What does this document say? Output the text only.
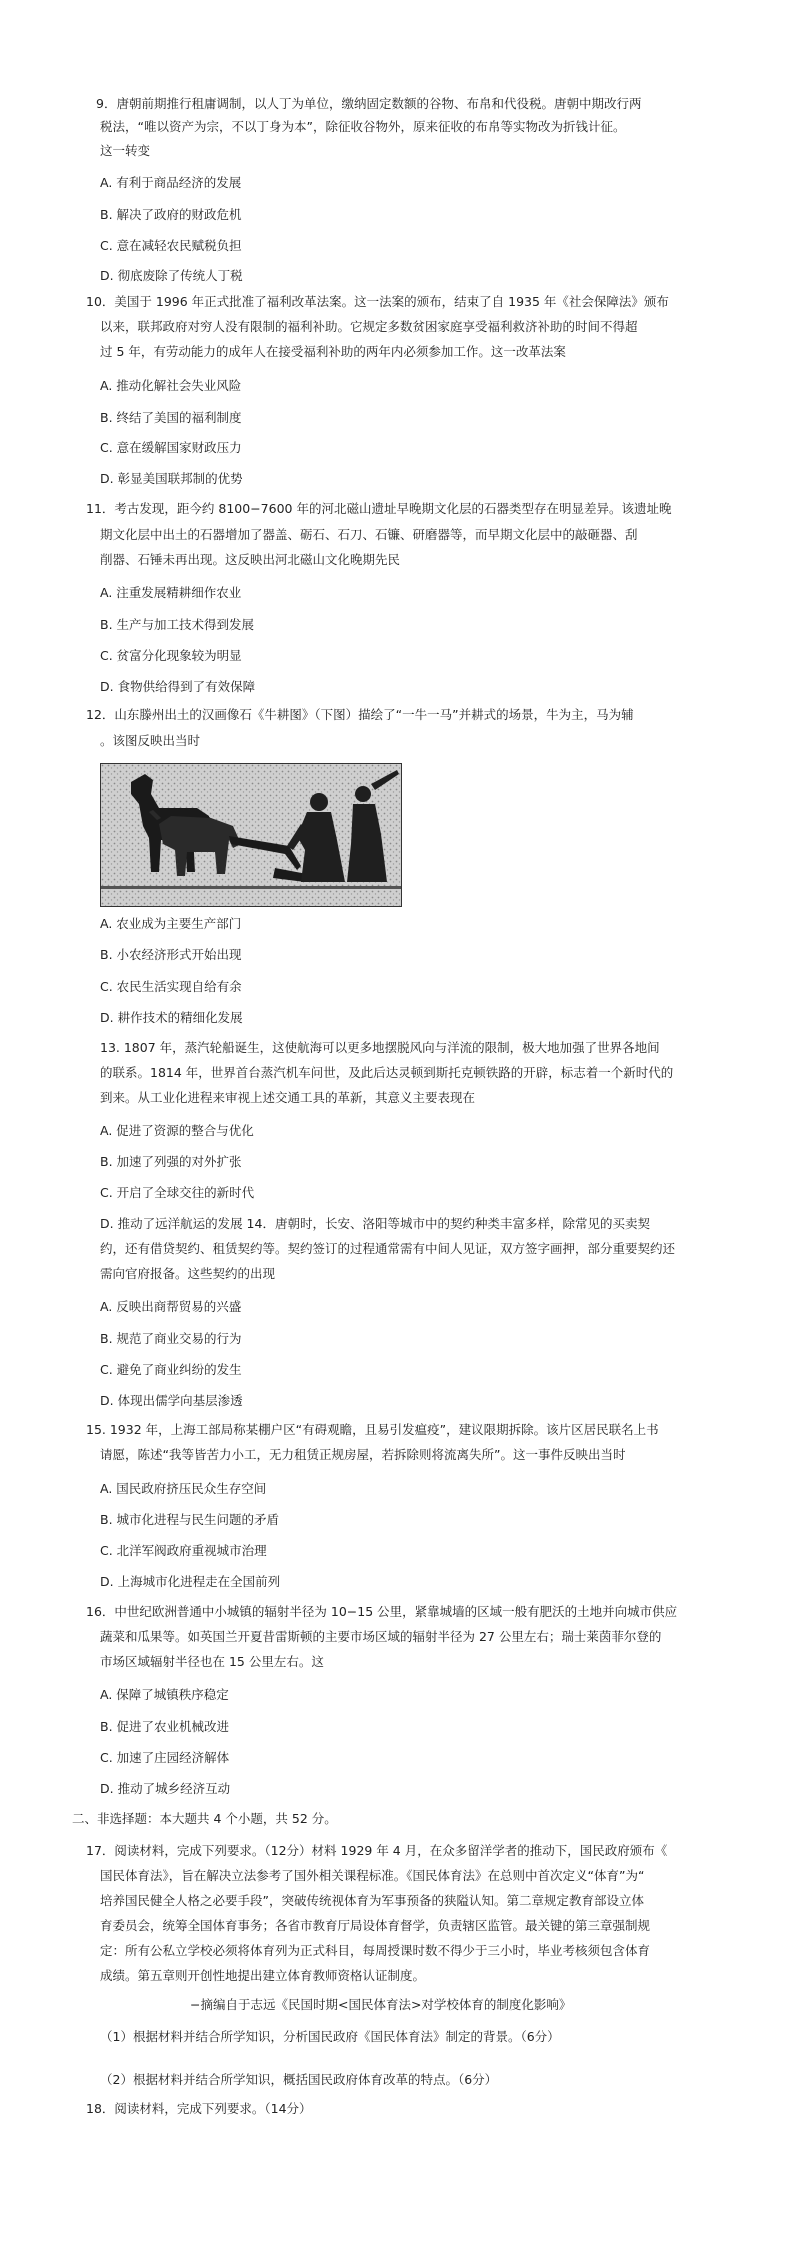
9．唐朝前期推行租庸调制，以人丁为单位，缴纳固定数额的谷物、布帛和代役税。唐朝中期改行两
税法，“唯以资产为宗，不以丁身为本”，除征收谷物外，原来征收的布帛等实物改为折钱计征。
这一转变
A. 有利于商品经济的发展
B. 解决了政府的财政危机
C. 意在减轻农民赋税负担
D. 彻底废除了传统人丁税
10．美国于 1996 年正式批准了福利改革法案。这一法案的颁布，结束了自 1935 年《社会保障法》颁布
以来，联邦政府对穷人没有限制的福利补助。它规定多数贫困家庭享受福利救济补助的时间不得超
过 5 年，有劳动能力的成年人在接受福利补助的两年内必须参加工作。这一改革法案
A. 推动化解社会失业风险
B. 终结了美国的福利制度
C. 意在缓解国家财政压力
D. 彰显美国联邦制的优势
11．考古发现，距今约 8100−7600 年的河北磁山遗址早晚期文化层的石器类型存在明显差异。该遗址晚
期文化层中出土的石器增加了器盖、砺石、石刀、石镰、研磨器等，而早期文化层中的敲砸器、刮
削器、石锤未再出现。这反映出河北磁山文化晚期先民
A. 注重发展精耕细作农业
B. 生产与加工技术得到发展
C. 贫富分化现象较为明显
D. 食物供给得到了有效保障
12．山东滕州出土的汉画像石《牛耕图》（下图）描绘了“一牛一马”并耕式的场景，牛为主，马为辅
。该图反映出当时
A. 农业成为主要生产部门
B. 小农经济形式开始出现
C. 农民生活实现自给有余
D. 耕作技术的精细化发展
13. 1807 年，蒸汽轮船诞生，这使航海可以更多地摆脱风向与洋流的限制，极大地加强了世界各地间
的联系。1814 年，世界首台蒸汽机车问世，及此后达灵顿到斯托克顿铁路的开辟，标志着一个新时代的
到来。从工业化进程来审视上述交通工具的革新，其意义主要表现在
A. 促进了资源的整合与优化
B. 加速了列强的对外扩张
C. 开启了全球交往的新时代
D. 推动了远洋航运的发展 14．唐朝时，长安、洛阳等城市中的契约种类丰富多样，除常见的买卖契
约，还有借贷契约、租赁契约等。契约签订的过程通常需有中间人见证，双方签字画押，部分重要契约还
需向官府报备。这些契约的出现
A. 反映出商帮贸易的兴盛
B. 规范了商业交易的行为
C. 避免了商业纠纷的发生
D. 体现出儒学向基层渗透
15. 1932 年，上海工部局称某棚户区“有碍观瞻，且易引发瘟疫”，建议限期拆除。该片区居民联名上书
请愿，陈述“我等皆苦力小工，无力租赁正规房屋，若拆除则将流离失所”。这一事件反映出当时
A. 国民政府挤压民众生存空间
B. 城市化进程与民生问题的矛盾
C. 北洋军阀政府重视城市治理
D. 上海城市化进程走在全国前列
16．中世纪欧洲普通中小城镇的辐射半径为 10−15 公里，紧靠城墙的区域一般有肥沃的土地并向城市供应
蔬菜和瓜果等。如英国兰开夏昔雷斯顿的主要市场区域的辐射半径为 27 公里左右；瑞士莱茵菲尔登的
市场区域辐射半径也在 15 公里左右。这
A. 保障了城镇秩序稳定
B. 促进了农业机械改进
C. 加速了庄园经济解体
D. 推动了城乡经济互动
二、非选择题：本大题共 4 个小题，共 52 分。
17．阅读材料，完成下列要求。（12分）材料 1929 年 4 月，在众多留洋学者的推动下，国民政府颁布《
国民体育法》，旨在解决立法参考了国外相关课程标准。《国民体育法》在总则中首次定义“体育”为“
培养国民健全人格之必要手段”，突破传统视体育为军事预备的狭隘认知。第二章规定教育部设立体
育委员会，统筹全国体育事务；各省市教育厅局设体育督学，负责辖区监管。最关键的第三章强制规
定：所有公私立学校必须将体育列为正式科目，每周授课时数不得少于三小时，毕业考核须包含体育
成绩。第五章则开创性地提出建立体育教师资格认证制度。
−摘编自于志远《民国时期<国民体育法>对学校体育的制度化影响》
（1）根据材料并结合所学知识，分析国民政府《国民体育法》制定的背景。（6分）
（2）根据材料并结合所学知识，概括国民政府体育改革的特点。（6分）
18．阅读材料，完成下列要求。（14分）
